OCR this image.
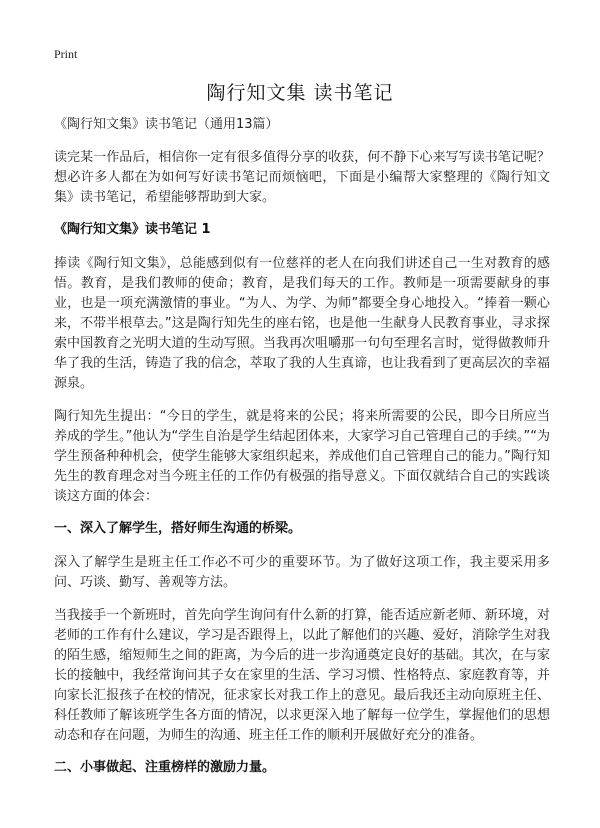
Print
陶行知文集 读书笔记
《陶行知文集》读书笔记（通用13篇）

读完某一作品后，相信你一定有很多值得分享的收获，何不静下心来写写读书笔记呢？想必许多人都在为如何写好读书笔记而烦恼吧，下面是小编帮大家整理的《陶行知文集》读书笔记，希望能够帮助到大家。

《陶行知文集》读书笔记 1

捧读《陶行知文集》，总能感到似有一位慈祥的老人在向我们讲述自己一生对教育的感悟。教育，是我们教师的使命；教育，是我们每天的工作。教师是一项需要献身的事业，也是一项充满激情的事业。“为人、为学、为师”都要全身心地投入。“捧着一颗心来，不带半根草去。”这是陶行知先生的座右铭，也是他一生献身人民教育事业，寻求探索中国教育之光明大道的生动写照。当我再次咀嚼那一句句至理名言时，觉得做教师升华了我的生活，铸造了我的信念，萃取了我的人生真谛，也让我看到了更高层次的幸福源泉。

陶行知先生提出：“今日的学生，就是将来的公民；将来所需要的公民，即今日所应当养成的学生。”他认为“学生自治是学生结起团体来，大家学习自己管理自己的手续。”“为学生预备种种机会，使学生能够大家组织起来，养成他们自己管理自己的能力。”陶行知先生的教育理念对当今班主任的工作仍有极强的指导意义。下面仅就结合自己的实践谈谈这方面的体会：

一、深入了解学生，搭好师生沟通的桥梁。

深入了解学生是班主任工作必不可少的重要环节。为了做好这项工作，我主要采用多问、巧谈、勤写、善观等方法。

当我接手一个新班时，首先向学生询问有什么新的打算，能否适应新老师、新环境，对老师的工作有什么建议，学习是否跟得上，以此了解他们的兴趣、爱好，消除学生对我的陌生感，缩短师生之间的距离，为今后的进一步沟通奠定良好的基础。其次，在与家长的接触中，我经常询问其子女在家里的生活、学习习惯、性格特点、家庭教育等，并向家长汇报孩子在校的情况，征求家长对我工作上的意见。最后我还主动向原班主任、科任教师了解该班学生各方面的情况，以求更深入地了解每一位学生，掌握他们的思想动态和存在问题，为师生的沟通、班主任工作的顺利开展做好充分的准备。

二、小事做起、注重榜样的激励力量。
